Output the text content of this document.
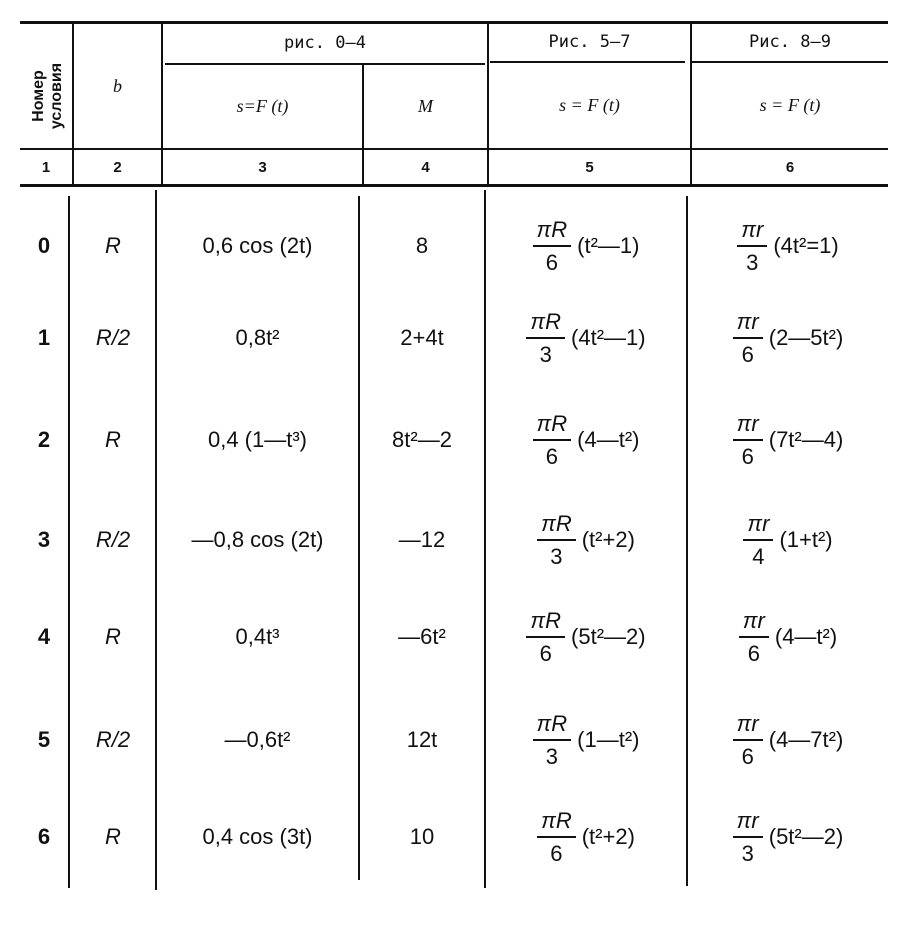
Номер условия	b
рис. 0—4	Рис. 5—7	Рис. 8—9
s=F (t)	M	s = F (t)	s = F (t)
1	2	3	4	5	6
0	R	0,6 cos (2t)	8	$\frac{\pi R}{6}$ (t²—1)	$\frac{\pi r}{3} (4t^2=1)$
1	R/2	0,8t²	2+4t	$\frac{\pi R}{3}$ (4t²—1)	$\frac{\pi r}{6}$ (2—5t²)
2	R	0,4 (1—t³)	8t²—2	$\frac{\pi R}{6}$ (4—t²)	$\frac{\pi r}{6}$ (7t²—4)
3	R/2	—0,8 cos (2t)	—12	$\frac{\pi R}{3} (t^2+2)$	$\frac{\pi r}{4} (1+t^2)$
4	R	0,4t³	—6t²	$\frac{\pi R}{6}$ (5t²—2)	$\frac{\pi r}{6}$ (4—t²)
5	R/2	—0,6t²	12t	$\frac{\pi R}{3}$ (1—t²)	$\frac{\pi r}{6}$ (4—7t²)
6	R	0,4 cos (3t)	10	$\frac{\pi R}{6} (t^2+2)$	$\frac{\pi r}{3}$ (5t²—2)
